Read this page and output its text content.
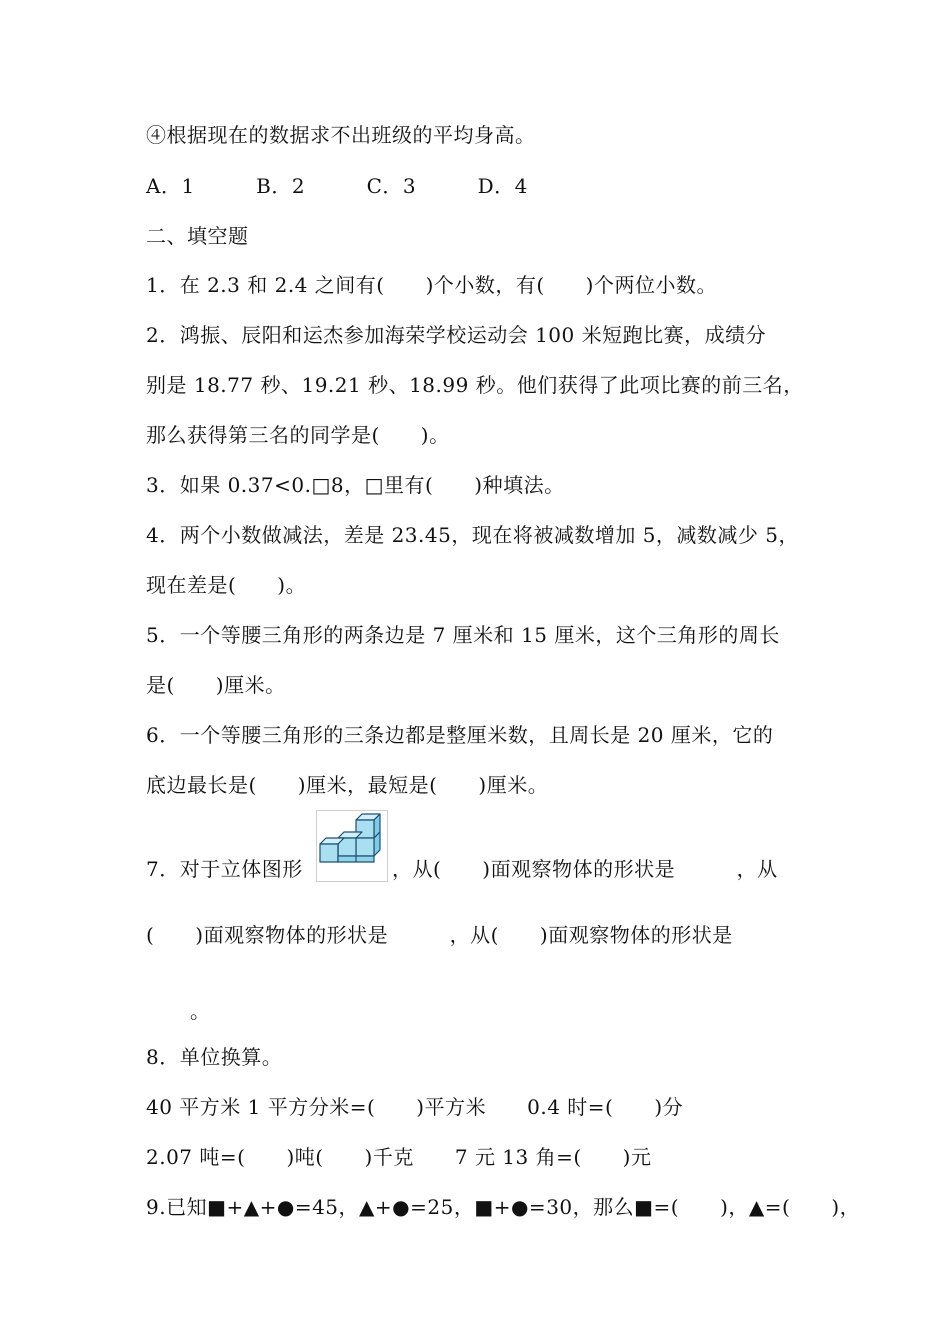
④根据现在的数据求不出班级的平均身高。
A．1　　　B．2　　　C．3　　　D．4
二、填空题
1．在 2.3 和 2.4 之间有(　　)个小数，有(　　)个两位小数。
2．鸿振、辰阳和运杰参加海荣学校运动会 100 米短跑比赛，成绩分
别是 18.77 秒、19.21 秒、18.99 秒。他们获得了此项比赛的前三名，
那么获得第三名的同学是(　　)。
3．如果 0.37<0.□8，□里有(　　)种填法。
4．两个小数做减法，差是 23.45，现在将被减数增加 5，减数减少 5，
现在差是(　　)。
5．一个等腰三角形的两条边是 7 厘米和 15 厘米，这个三角形的周长
是(　　)厘米。
6．一个等腰三角形的三条边都是整厘米数，且周长是 20 厘米，它的
底边最长是(　　)厘米，最短是(　　)厘米。
7．对于立体图形	，从(　　)面观察物体的形状是　　　，从
(　　)面观察物体的形状是　　　，从(　　)面观察物体的形状是
。
8．单位换算。
40 平方米 1 平方分米=(　　)平方米　　0.4 时=(　　)分
2.07 吨=(　　)吨(　　)千克　　7 元 13 角=(　　)元
9.已知■+▲+●=45，▲+●=25，■+●=30，那么■=(　　)，▲=(　　)，
